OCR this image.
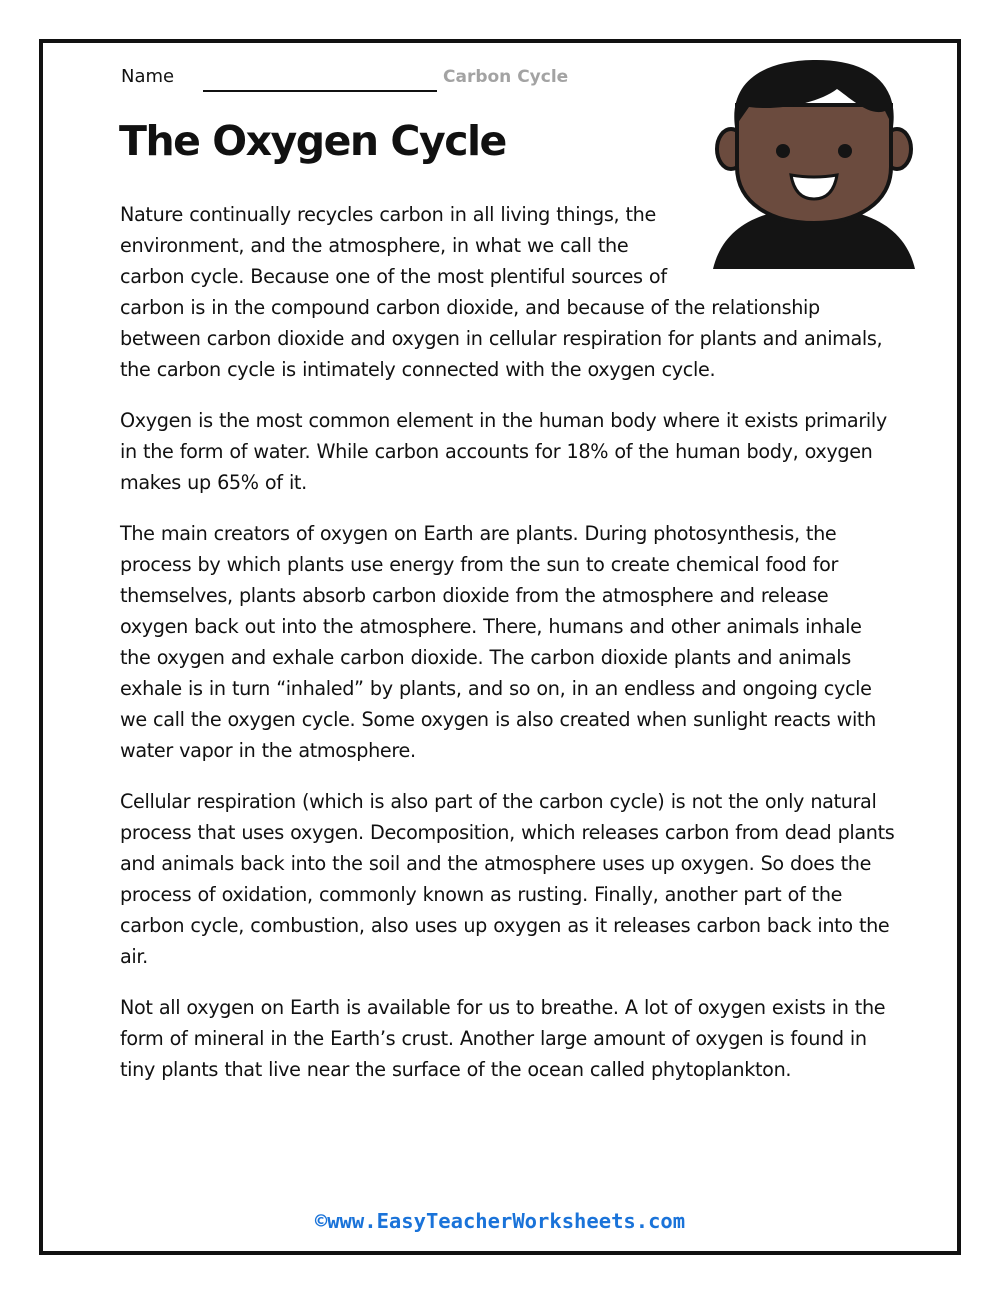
Name	Carbon Cycle
The Oxygen Cycle

Nature continually recycles carbon in all living things, the environment, and the atmosphere, in what we call the carbon cycle. Because one of the most plentiful sources of carbon is in the compound carbon dioxide, and because of the relationship between carbon dioxide and oxygen in cellular respiration for plants and animals, the carbon cycle is intimately connected with the oxygen cycle.

Oxygen is the most common element in the human body where it exists primarily in the form of water. While carbon accounts for 18% of the human body, oxygen makes up 65% of it.

The main creators of oxygen on Earth are plants. During photosynthesis, the process by which plants use energy from the sun to create chemical food for themselves, plants absorb carbon dioxide from the atmosphere and release oxygen back out into the atmosphere. There, humans and other animals inhale the oxygen and exhale carbon dioxide. The carbon dioxide plants and animals exhale is in turn “inhaled” by plants, and so on, in an endless and ongoing cycle we call the oxygen cycle. Some oxygen is also created when sunlight reacts with water vapor in the atmosphere.

Cellular respiration (which is also part of the carbon cycle) is not the only natural process that uses oxygen. Decomposition, which releases carbon from dead plants and animals back into the soil and the atmosphere uses up oxygen. So does the process of oxidation, commonly known as rusting. Finally, another part of the carbon cycle, combustion, also uses up oxygen as it releases carbon back into the air.

Not all oxygen on Earth is available for us to breathe. A lot of oxygen exists in the form of mineral in the Earth’s crust. Another large amount of oxygen is found in tiny plants that live near the surface of the ocean called phytoplankton.

©www.EasyTeacherWorksheets.com
